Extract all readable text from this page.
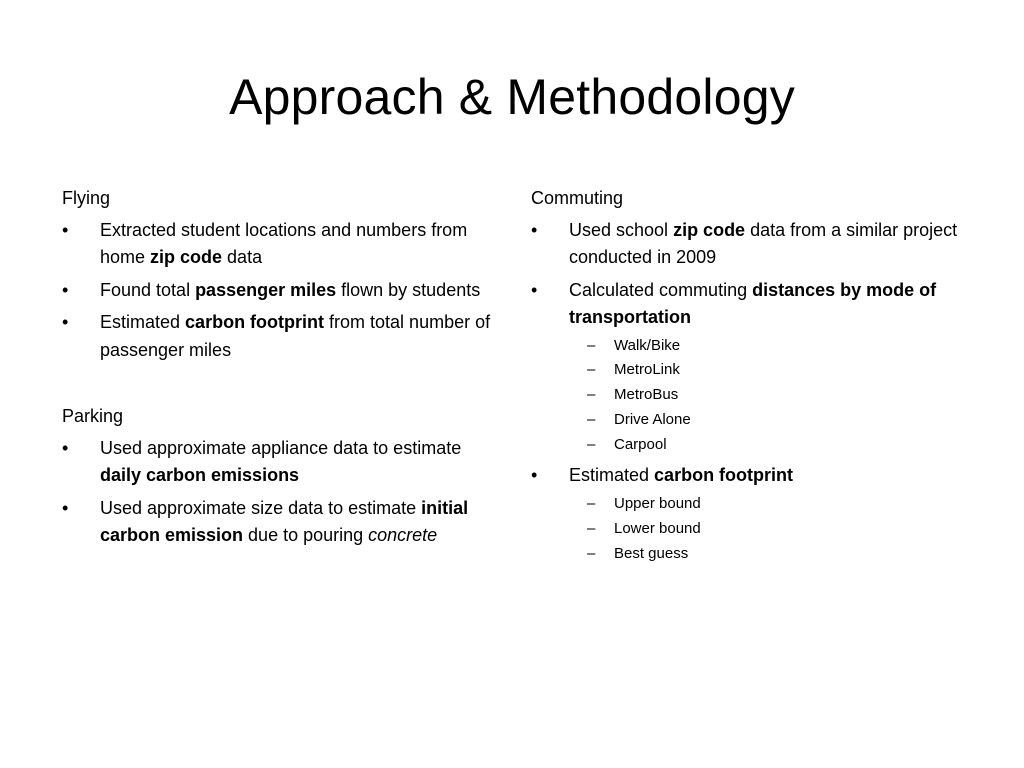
Approach & Methodology

Flying

•	Extracted student locations and numbers from home zip code data
•	Found total passenger miles flown by students
•	Estimated carbon footprint from total number of passenger miles

Parking

•	Used approximate appliance data to estimate daily carbon emissions
•	Used approximate size data to estimate initial carbon emission due to pouring concrete

Commuting

•	Used school zip code data from a similar project conducted in 2009
•	Calculated commuting distances by mode of transportation
– Walk/Bike
– MetroLink
– MetroBus
– Drive Alone
– Carpool
•	Estimated carbon footprint
– Upper bound
– Lower bound
– Best guess
